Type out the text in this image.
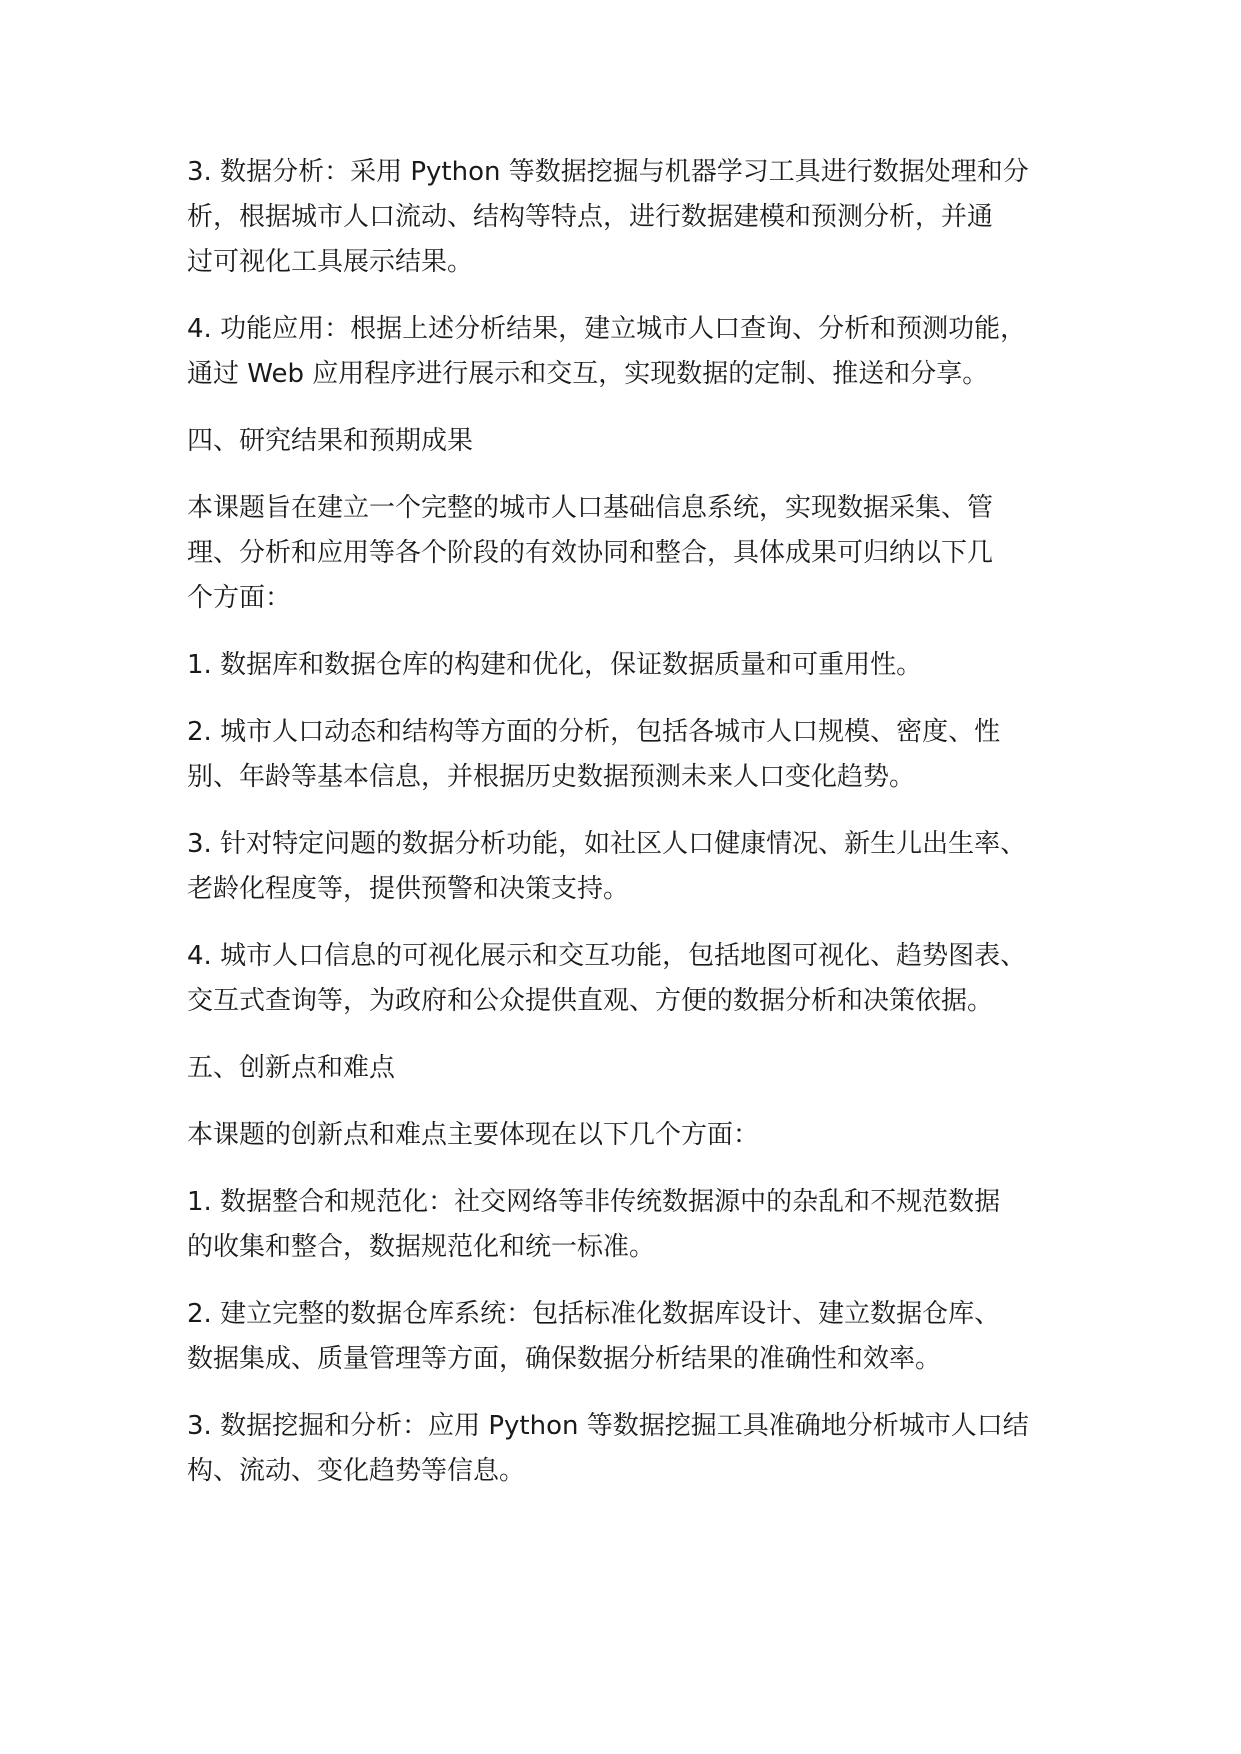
3. 数据分析：采用 Python 等数据挖掘与机器学习工具进行数据处理和分
析，根据城市人口流动、结构等特点，进行数据建模和预测分析，并通
过可视化工具展示结果。

4. 功能应用：根据上述分析结果，建立城市人口查询、分析和预测功能，
通过 Web 应用程序进行展示和交互，实现数据的定制、推送和分享。

四、研究结果和预期成果

本课题旨在建立一个完整的城市人口基础信息系统，实现数据采集、管
理、分析和应用等各个阶段的有效协同和整合，具体成果可归纳以下几
个方面：

1. 数据库和数据仓库的构建和优化，保证数据质量和可重用性。

2. 城市人口动态和结构等方面的分析，包括各城市人口规模、密度、性
别、年龄等基本信息，并根据历史数据预测未来人口变化趋势。

3. 针对特定问题的数据分析功能，如社区人口健康情况、新生儿出生率、
老龄化程度等，提供预警和决策支持。

4. 城市人口信息的可视化展示和交互功能，包括地图可视化、趋势图表、
交互式查询等，为政府和公众提供直观、方便的数据分析和决策依据。

五、创新点和难点

本课题的创新点和难点主要体现在以下几个方面：

1. 数据整合和规范化：社交网络等非传统数据源中的杂乱和不规范数据
的收集和整合，数据规范化和统一标准。

2. 建立完整的数据仓库系统：包括标准化数据库设计、建立数据仓库、
数据集成、质量管理等方面，确保数据分析结果的准确性和效率。

3. 数据挖掘和分析：应用 Python 等数据挖掘工具准确地分析城市人口结
构、流动、变化趋势等信息。
